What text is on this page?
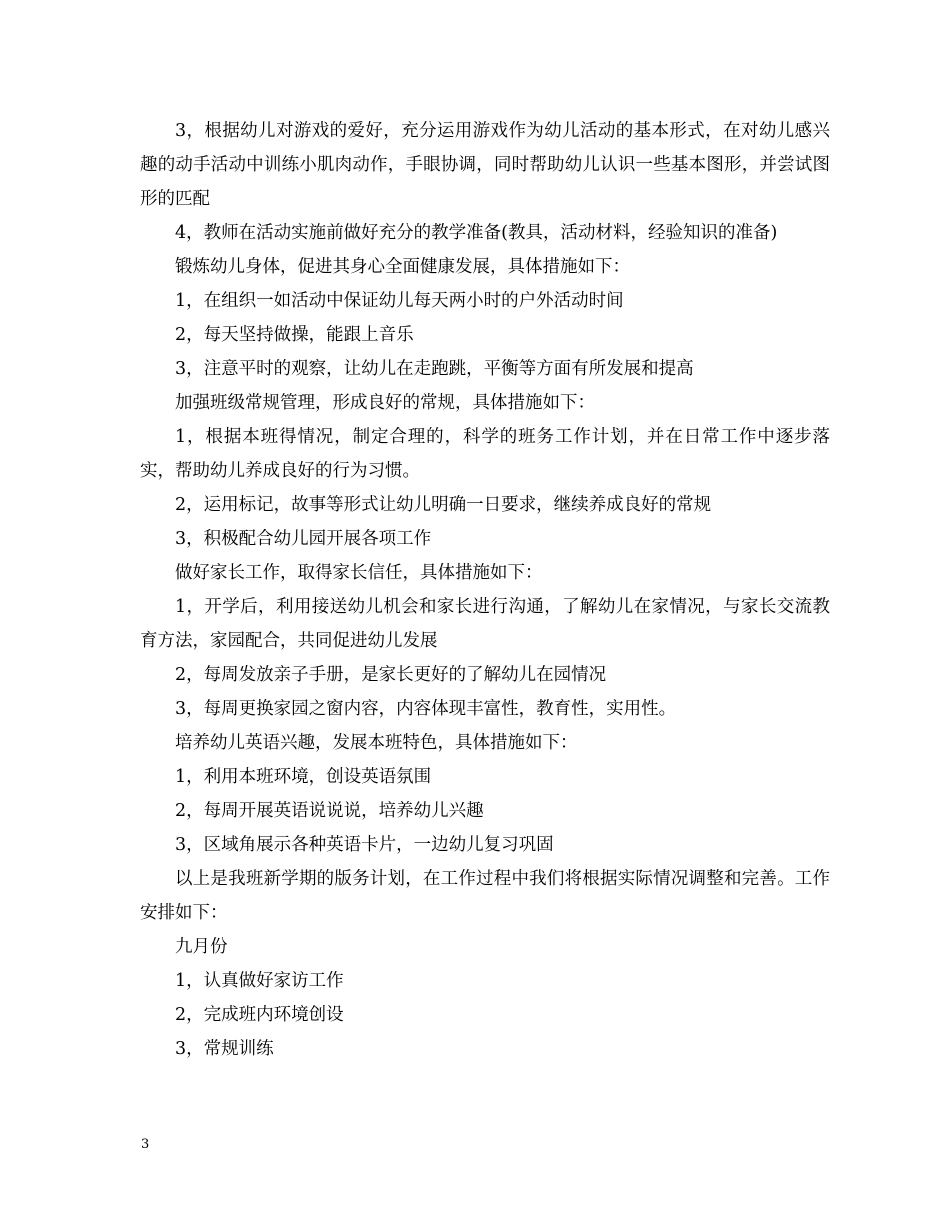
3，根据幼儿对游戏的爱好，充分运用游戏作为幼儿活动的基本形式，在对幼儿感兴趣的动手活动中训练小肌肉动作，手眼协调，同时帮助幼儿认识一些基本图形，并尝试图形的匹配

4，教师在活动实施前做好充分的教学准备(教具，活动材料，经验知识的准备)

锻炼幼儿身体，促进其身心全面健康发展，具体措施如下：

1，在组织一如活动中保证幼儿每天两小时的户外活动时间

2，每天坚持做操，能跟上音乐

3，注意平时的观察，让幼儿在走跑跳，平衡等方面有所发展和提高

加强班级常规管理，形成良好的常规，具体措施如下：

1，根据本班得情况，制定合理的，科学的班务工作计划，并在日常工作中逐步落实，帮助幼儿养成良好的行为习惯。

2，运用标记，故事等形式让幼儿明确一日要求，继续养成良好的常规

3，积极配合幼儿园开展各项工作

做好家长工作，取得家长信任，具体措施如下：

1，开学后，利用接送幼儿机会和家长进行沟通，了解幼儿在家情况，与家长交流教育方法，家园配合，共同促进幼儿发展

2，每周发放亲子手册，是家长更好的了解幼儿在园情况

3，每周更换家园之窗内容，内容体现丰富性，教育性，实用性。

培养幼儿英语兴趣，发展本班特色，具体措施如下：

1，利用本班环境，创设英语氛围

2，每周开展英语说说说，培养幼儿兴趣

3，区域角展示各种英语卡片，一边幼儿复习巩固

以上是我班新学期的版务计划，在工作过程中我们将根据实际情况调整和完善。工作安排如下：

九月份

1，认真做好家访工作

2，完成班内环境创设

3，常规训练

3
